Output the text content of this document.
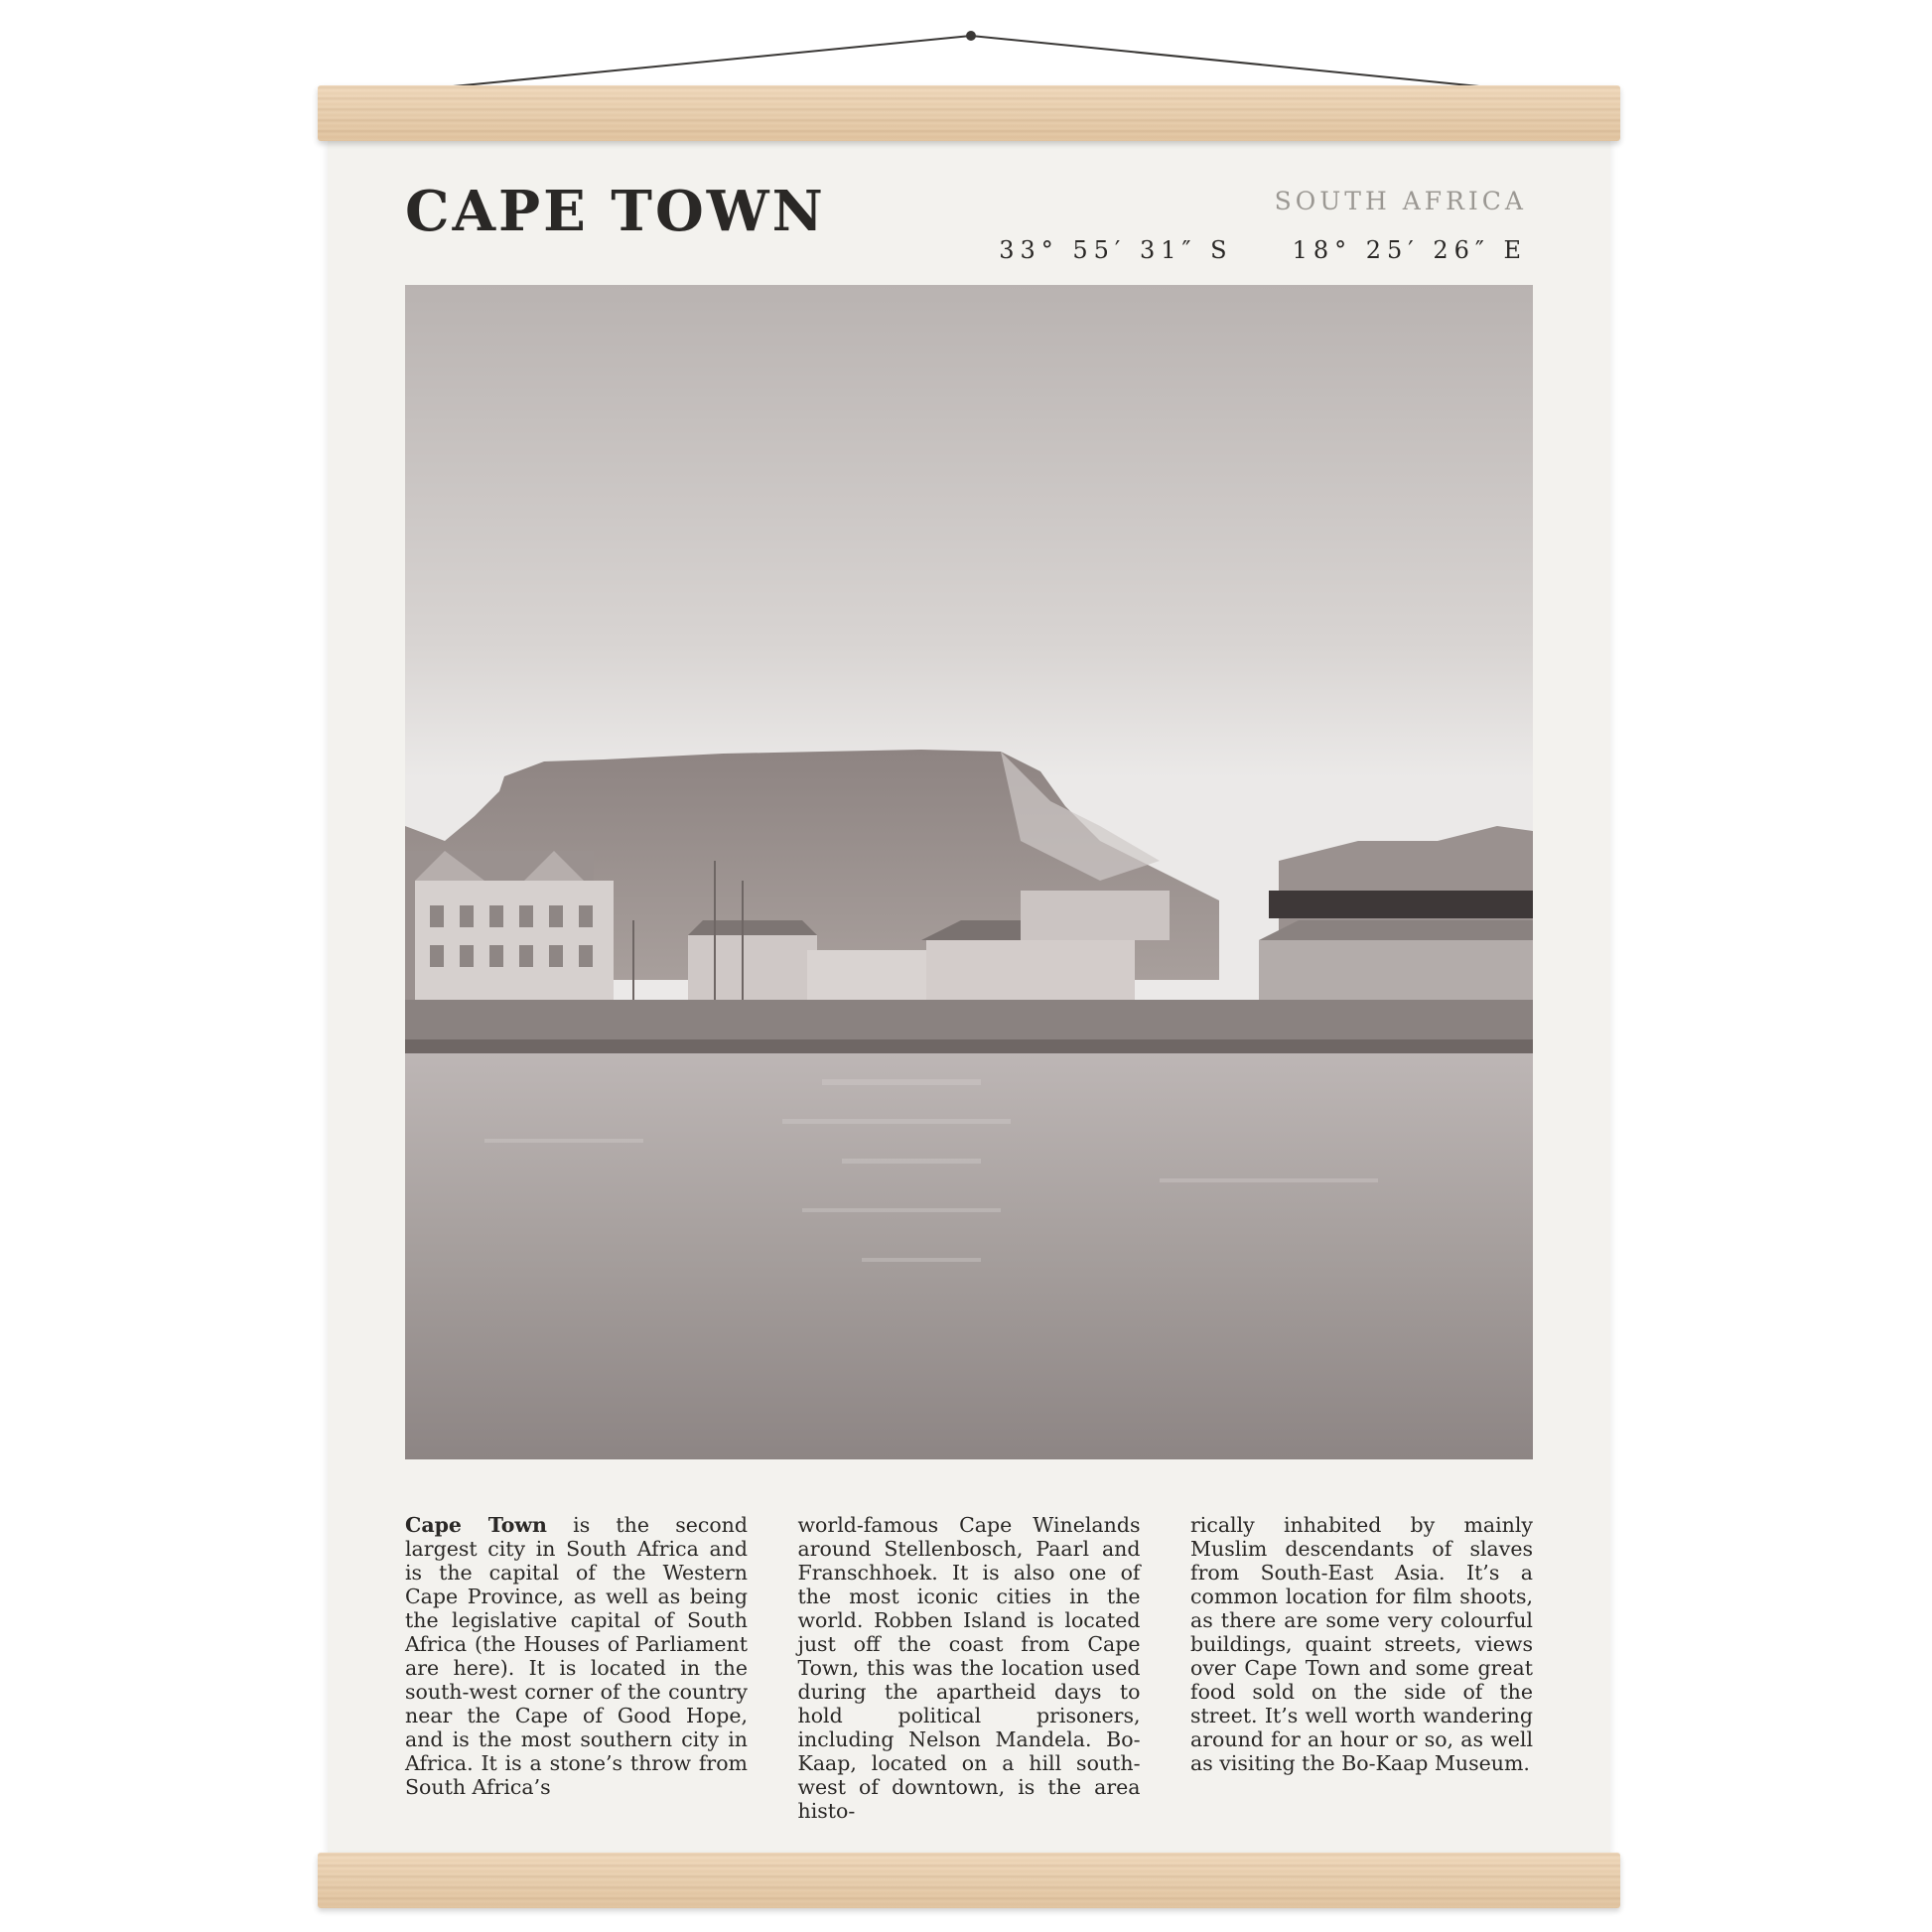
CAPE TOWN	SOUTH AFRICA
33° 55′ 31″ S	18° 25′ 26″ E
Cape Town is the second largest city in South Africa and is the capital of the Western Cape Province, as well as being the legislative capital of South Africa (the Houses of Parliament are here). It is located in the south-west corner of the country near the Cape of Good Hope, and is the most southern city in Africa. It is a stone’s throw from South Africa’s
world-famous Cape Winelands around Stellenbosch, Paarl and Franschhoek. It is also one of the most iconic cities in the world. Robben Island is located just off the coast from Cape Town, this was the location used during the apartheid days to hold political prisoners, including Nelson Mandela. Bo-Kaap, located on a hill south-west of downtown, is the area histo-
rically inhabited by mainly Muslim descendants of slaves from South-East Asia. It’s a common location for film shoots, as there are some very colourful buildings, quaint streets, views over Cape Town and some great food sold on the side of the street. It’s well worth wandering around for an hour or so, as well as visiting the Bo-Kaap Museum.
